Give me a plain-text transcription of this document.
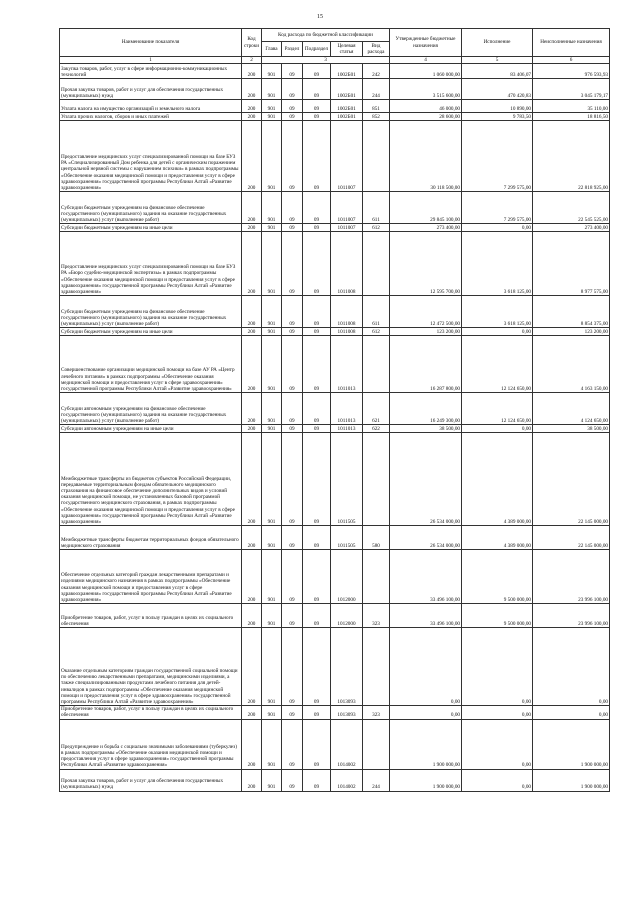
15
Наименование показателя	Код строки	Код расхода по бюджетной классификации					Утвержденные бюджетные назначения	Исполнение	Неисполненные назначения
		Глава	Раздел	Подраздел	Целевая статья	Вид расхода			
1	2	3					4	5	6
Закупка товаров, работ, услуг в сфере информационно-коммуникационных технологий	200	901	09	09	1002Б01	242	1 060 000,00	83 406,07	976 593,93
Прочая закупка товаров, работ и услуг для обеспечения государственных (муниципальных) нужд	200	901	09	09	1002Б01	244	3 515 600,00	470 420,83	3 045 179,17
Уплата налога на имущество организаций и земельного налога	200	901	09	09	1002Б01	851	46 000,00	10 890,00	35 110,00
Уплата прочих налогов, сборов и иных платежей	200	901	09	09	1002Б01	852	28 600,00	9 783,50	18 816,50
Предоставление медицинских услуг специализированной помощи на базе БУЗ РА «Специализированный Дом ребенка для детей с органическим поражением центральной нервной системы с нарушением психики» в рамках подпрограммы «Обеспечение оказания медицинской помощи и предоставления услуг в сфере здравоохранения» государственной программы Республики Алтай «Развитие здравоохранения»	200	901	09	09	1011007		30 118 500,00	7 299 575,00	22 818 925,00
Субсидии бюджетным учреждениям на финансовое обеспечение государственного (муниципального) задания на оказание государственных (муниципальных) услуг (выполнение работ)	200	901	09	09	1011007	611	29 845 100,00	7 299 575,00	22 545 525,00
Субсидии бюджетным учреждениям на иные цели	200	901	09	09	1011007	612	273 400,00	0,00	273 400,00
Предоставление медицинских услуг специализированной помощи на базе БУЗ РА «Бюро судебно-медицинской экспертизы» в рамках подпрограммы «Обеспечение оказания медицинской помощи и предоставления услуг в сфере здравоохранения» государственной программы Республики Алтай «Развитие здравоохранения»	200	901	09	09	1011008		12 595 700,00	3 618 125,00	8 977 575,00
Субсидии бюджетным учреждениям на финансовое обеспечение государственного (муниципального) задания на оказание государственных (муниципальных) услуг (выполнение работ)	200	901	09	09	1011008	611	12 472 500,00	3 618 125,00	8 854 375,00
Субсидии бюджетным учреждениям на иные цели	200	901	09	09	1011008	612	123 200,00	0,00	123 200,00
Совершенствование организации медицинской помощи на базе АУ РА «Центр лечебного питания» в рамках подпрограммы «Обеспечение оказания медицинской помощи и предоставления услуг в сфере здравоохранения» государственной программы Республики Алтай «Развитие здравоохранения»	200	901	09	09	1011013		16 287 800,00	12 124 650,00	4 163 150,00
Субсидии автономным учреждениям на финансовое обеспечение государственного (муниципального) задания на оказание государственных (муниципальных) услуг (выполнение работ)	200	901	09	09	1011013	621	16 249 300,00	12 124 650,00	4 124 650,00
Субсидии автономным учреждениям на иные цели	200	901	09	09	1011013	622	38 500,00	0,00	38 500,00
Межбюджетные трансферты из бюджетов субъектов Российской Федерации, передаваемые территориальным фондам обязательного медицинского страхования на финансовое обеспечение дополнительных видов и условий оказания медицинской помощи, не установленных базовой программой государственного медицинского страхования, в рамках подпрограммы «Обеспечение оказания медицинской помощи и предоставления услуг в сфере здравоохранения» государственной программы Республики Алтай «Развитие здравоохранения»	200	901	09	09	1011505		26 534 000,00	4 389 000,00	22 145 000,00
Межбюджетные трансферты бюджетам территориальных фондов обязательного медицинского страхования	200	901	09	09	1011505	580	26 534 000,00	4 389 000,00	22 145 000,00
Обеспечение отдельных категорий граждан лекарственными препаратами и изделиями медицинского назначения в рамках подпрограммы «Обеспечение оказания медицинской помощи и предоставления услуг в сфере здравоохранения» государственной программы Республики Алтай «Развитие здравоохранения»	200	901	09	09	1012000		33 496 100,00	9 500 000,00	23 996 100,00
Приобретение товаров, работ, услуг в пользу граждан в целях их социального обеспечения	200	901	09	09	1012000	323	33 496 100,00	9 500 000,00	23 996 100,00
Оказание отдельным категориям граждан государственной социальной помощи по обеспечению лекарственными препаратами, медицинскими изделиями, а также специализированными продуктами лечебного питания для детей-инвалидов в рамках подпрограммы «Обеспечение оказания медицинской помощи и предоставления услуг в сфере здравоохранения» государственной программы Республики Алтай «Развитие здравоохранения»	200	901	09	09	1013093		0,00	0,00	0,00
Приобретение товаров, работ, услуг в пользу граждан в целях их социального обеспечения	200	901	09	09	1013093	323	0,00	0,00	0,00
Предупреждение и борьба с социально значимыми заболеваниями (туберкулез) в рамках подпрограммы «Обеспечение оказания медицинской помощи и предоставления услуг в сфере здравоохранения» государственной программы Республики Алтай «Развитие здравоохранения»	200	901	09	09	1014002		1 900 000,00	0,00	1 900 000,00
Прочая закупка товаров, работ и услуг для обеспечения государственных (муниципальных) нужд	200	901	09	09	1014002	244	1 900 000,00	0,00	1 900 000,00
